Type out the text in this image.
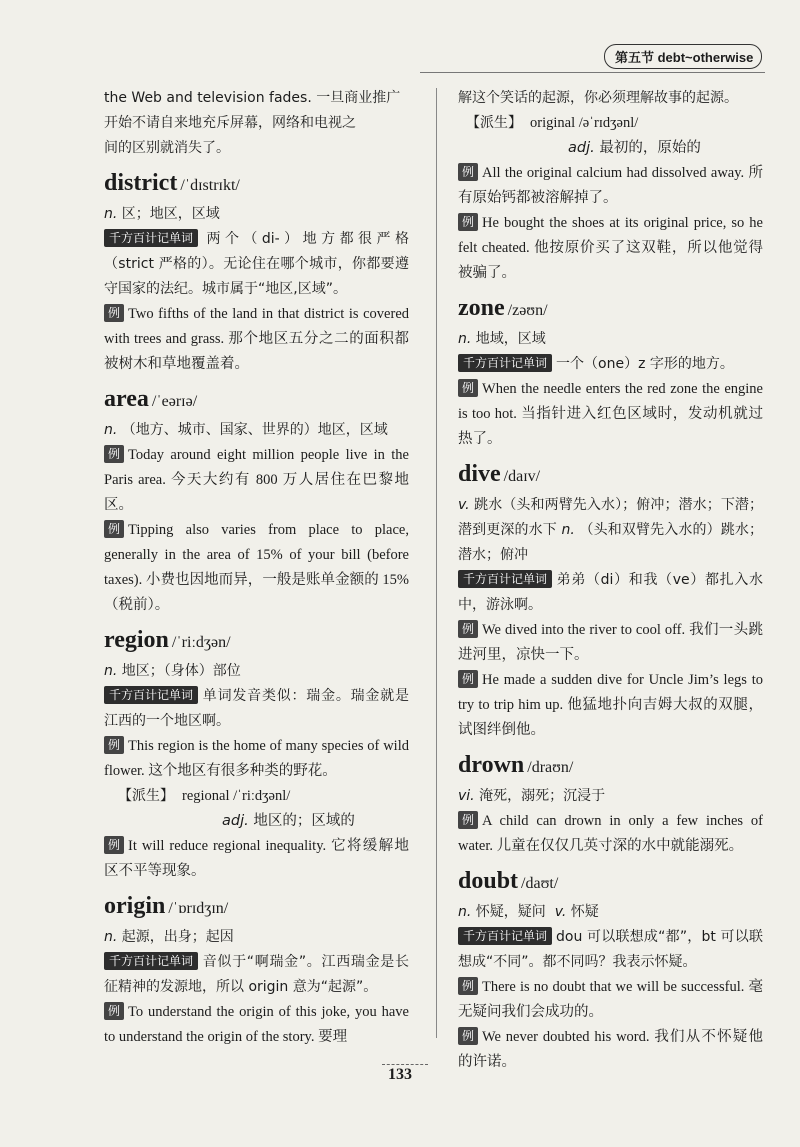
第五节 debt~otherwise

the Web and television fades. 一旦商业推广

开始不请自来地充斥屏幕，网络和电视之

间的区别就消失了。

district /ˈdɪstrɪkt/

n. 区；地区，区域

千方百计记单词 两个（di-）地方都很严格（strict 严格的）。无论住在哪个城市，你都要遵守国家的法纪。城市属于“地区,区域”。

例 Two fifths of the land in that district is covered with trees and grass. 那个地区五分之二的面积都被树木和草地覆盖着。

area /ˈeərɪə/

n. （地方、城市、国家、世界的）地区，区域

例 Today around eight million people live in the Paris area. 今天大约有 800 万人居住在巴黎地区。

例 Tipping also varies from place to place, generally in the area of 15% of your bill (before taxes). 小费也因地而异，一般是账单金额的 15%（税前）。

region /ˈriːdʒən/

n. 地区；（身体）部位

千方百计记单词 单词发音类似：瑞金。瑞金就是江西的一个地区啊。

例 This region is the home of many species of wild flower. 这个地区有很多种类的野花。

【派生】 regional /ˈriːdʒənl/

adj. 地区的；区域的

例 It will reduce regional inequality. 它将缓解地区不平等现象。

origin /ˈɒrɪdʒɪn/

n. 起源，出身；起因

千方百计记单词 音似于“啊瑞金”。江西瑞金是长征精神的发源地，所以 origin 意为“起源”。

例 To understand the origin of this joke, you have to understand the origin of the story. 要理

解这个笑话的起源，你必须理解故事的起源。

【派生】 original /əˈrɪdʒənl/

adj. 最初的，原始的

例 All the original calcium had dissolved away. 所有原始钙都被溶解掉了。

例 He bought the shoes at its original price, so he felt cheated. 他按原价买了这双鞋，所以他觉得被骗了。

zone /zəʊn/

n. 地域，区域

千方百计记单词 一个（one）z 字形的地方。

例 When the needle enters the red zone the engine is too hot. 当指针进入红色区域时，发动机就过热了。

dive /daɪv/

v. 跳水（头和两臂先入水）；俯冲；潜水；下潜；潜到更深的水下 n. （头和双臂先入水的）跳水；潜水；俯冲

千方百计记单词 弟弟（di）和我（ve）都扎入水中，游泳啊。

例 We dived into the river to cool off. 我们一头跳进河里，凉快一下。

例 He made a sudden dive for Uncle Jim’s legs to try to trip him up. 他猛地扑向吉姆大叔的双腿，试图绊倒他。

drown /draʊn/

vi. 淹死，溺死；沉浸于

例 A child can drown in only a few inches of water. 儿童在仅仅几英寸深的水中就能溺死。

doubt /daʊt/

n. 怀疑，疑问 v. 怀疑

千方百计记单词 dou 可以联想成“都”，bt 可以联想成“不同”。都不同吗？我表示怀疑。

例 There is no doubt that we will be successful. 毫无疑问我们会成功的。

例 We never doubted his word. 我们从不怀疑他的许诺。

133
